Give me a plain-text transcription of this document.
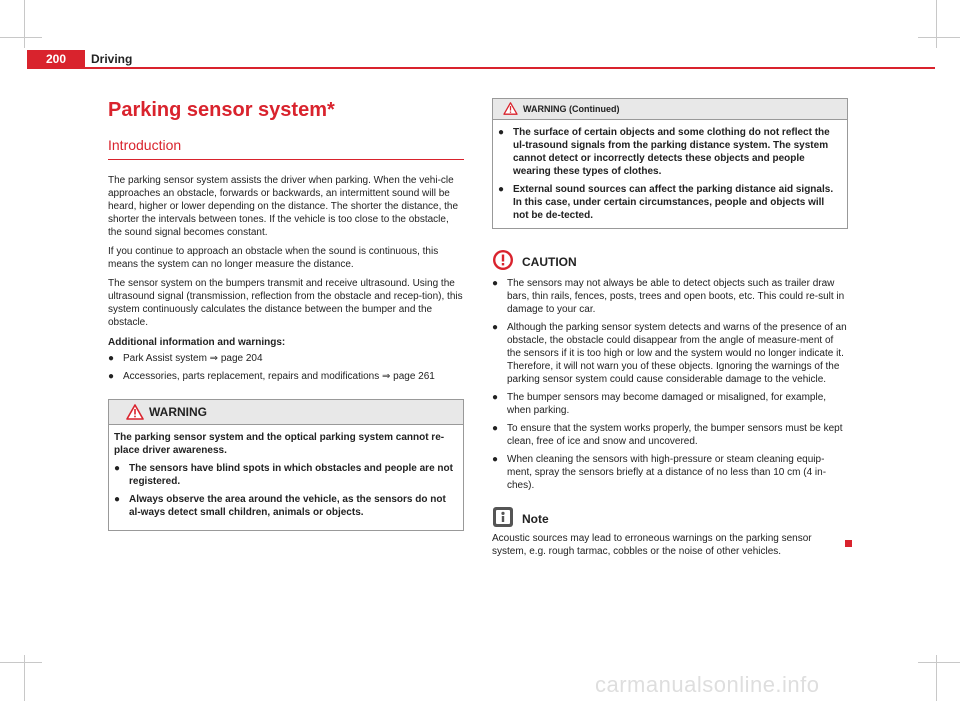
200	Driving
Parking sensor system*
Introduction

The parking sensor system assists the driver when parking. When the vehi-cle approaches an obstacle, forwards or backwards, an intermittent sound will be heard, higher or lower depending on the distance. The shorter the distance, the shorter the intervals between tones. If the vehicle is too close to the obstacle, the sound signal becomes constant.

If you continue to approach an obstacle when the sound is continuous, this means the system can no longer measure the distance.

The sensor system on the bumpers transmit and receive ultrasound. Using the ultrasound signal (transmission, reflection from the obstacle and recep-tion), this system continuously calculates the distance between the bumper and the obstacle.

Additional information and warnings:

● Park Assist system ⇒ page 204
● Accessories, parts replacement, repairs and modifications ⇒ page 261
WARNING

The parking sensor system and the optical parking system cannot re-place driver awareness.

● The sensors have blind spots in which obstacles and people are not registered.
● Always observe the area around the vehicle, as the sensors do not al-ways detect small children, animals or objects.
WARNING (Continued)
● The surface of certain objects and some clothing do not reflect the ul-trasound signals from the parking distance system. The system cannot detect or incorrectly detects these objects and people wearing these types of clothes.
● External sound sources can affect the parking distance aid signals. In this case, under certain circumstances, people and objects will not be de-tected.
CAUTION
● The sensors may not always be able to detect objects such as trailer draw bars, thin rails, fences, posts, trees and open boots, etc. This could re-sult in damage to your car.
● Although the parking sensor system detects and warns of the presence of an obstacle, the obstacle could disappear from the angle of measure-ment of the sensors if it is too high or low and the system would no longer indicate it. Therefore, it will not warn you of these objects. Ignoring the warnings of the parking sensor system could cause considerable damage to the vehicle.
● The bumper sensors may become damaged or misaligned, for example, when parking.
● To ensure that the system works properly, the bumper sensors must be kept clean, free of ice and snow and uncovered.
● When cleaning the sensors with high-pressure or steam cleaning equip-ment, spray the sensors briefly at a distance of no less than 10 cm (4 in-ches).
Note

Acoustic sources may lead to erroneous warnings on the parking sensor system, e.g. rough tarmac, cobbles or the noise of other vehicles.

carmanualsonline.info
